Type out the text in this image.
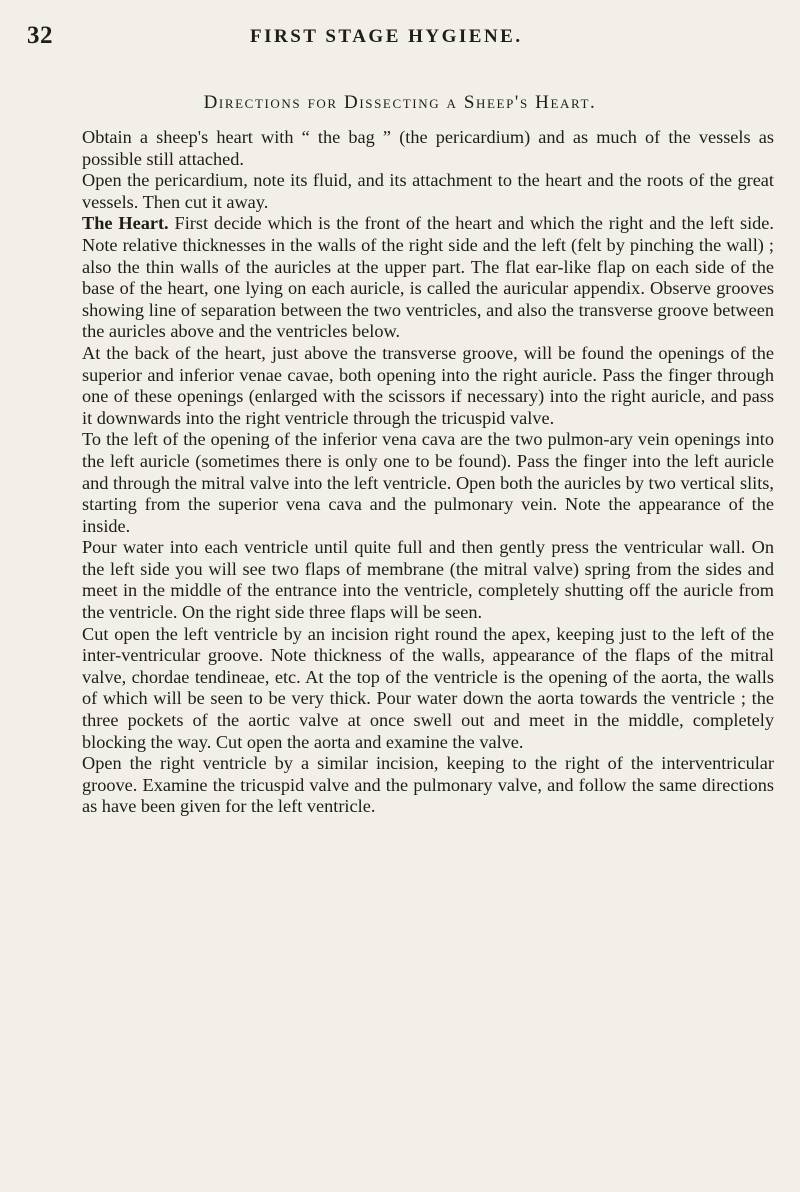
32	FIRST STAGE HYGIENE.
Directions for Dissecting a Sheep's Heart.

Obtain a sheep's heart with “ the bag ” (the pericardium) and as much of the vessels as possible still attached.

Open the pericardium, note its fluid, and its attachment to the heart and the roots of the great vessels. Then cut it away.

The Heart. First decide which is the front of the heart and which the right and the left side. Note relative thicknesses in the walls of the right side and the left (felt by pinching the wall) ; also the thin walls of the auricles at the upper part. The flat ear-like flap on each side of the base of the heart, one lying on each auricle, is called the auricular appendix. Observe grooves showing line of separation between the two ventricles, and also the transverse groove between the auricles above and the ventricles below.

At the back of the heart, just above the transverse groove, will be found the openings of the superior and inferior venae cavae, both opening into the right auricle. Pass the finger through one of these openings (enlarged with the scissors if necessary) into the right auricle, and pass it downwards into the right ventricle through the tricuspid valve.

To the left of the opening of the inferior vena cava are the two pulmon-ary vein openings into the left auricle (sometimes there is only one to be found). Pass the finger into the left auricle and through the mitral valve into the left ventricle. Open both the auricles by two vertical slits, starting from the superior vena cava and the pulmonary vein. Note the appearance of the inside.

Pour water into each ventricle until quite full and then gently press the ventricular wall. On the left side you will see two flaps of membrane (the mitral valve) spring from the sides and meet in the middle of the entrance into the ventricle, completely shutting off the auricle from the ventricle. On the right side three flaps will be seen.

Cut open the left ventricle by an incision right round the apex, keeping just to the left of the inter-ventricular groove. Note thickness of the walls, appearance of the flaps of the mitral valve, chordae tendineae, etc. At the top of the ventricle is the opening of the aorta, the walls of which will be seen to be very thick. Pour water down the aorta towards the ventricle ; the three pockets of the aortic valve at once swell out and meet in the middle, completely blocking the way. Cut open the aorta and examine the valve.

Open the right ventricle by a similar incision, keeping to the right of the interventricular groove. Examine the tricuspid valve and the pulmonary valve, and follow the same directions as have been given for the left ventricle.
